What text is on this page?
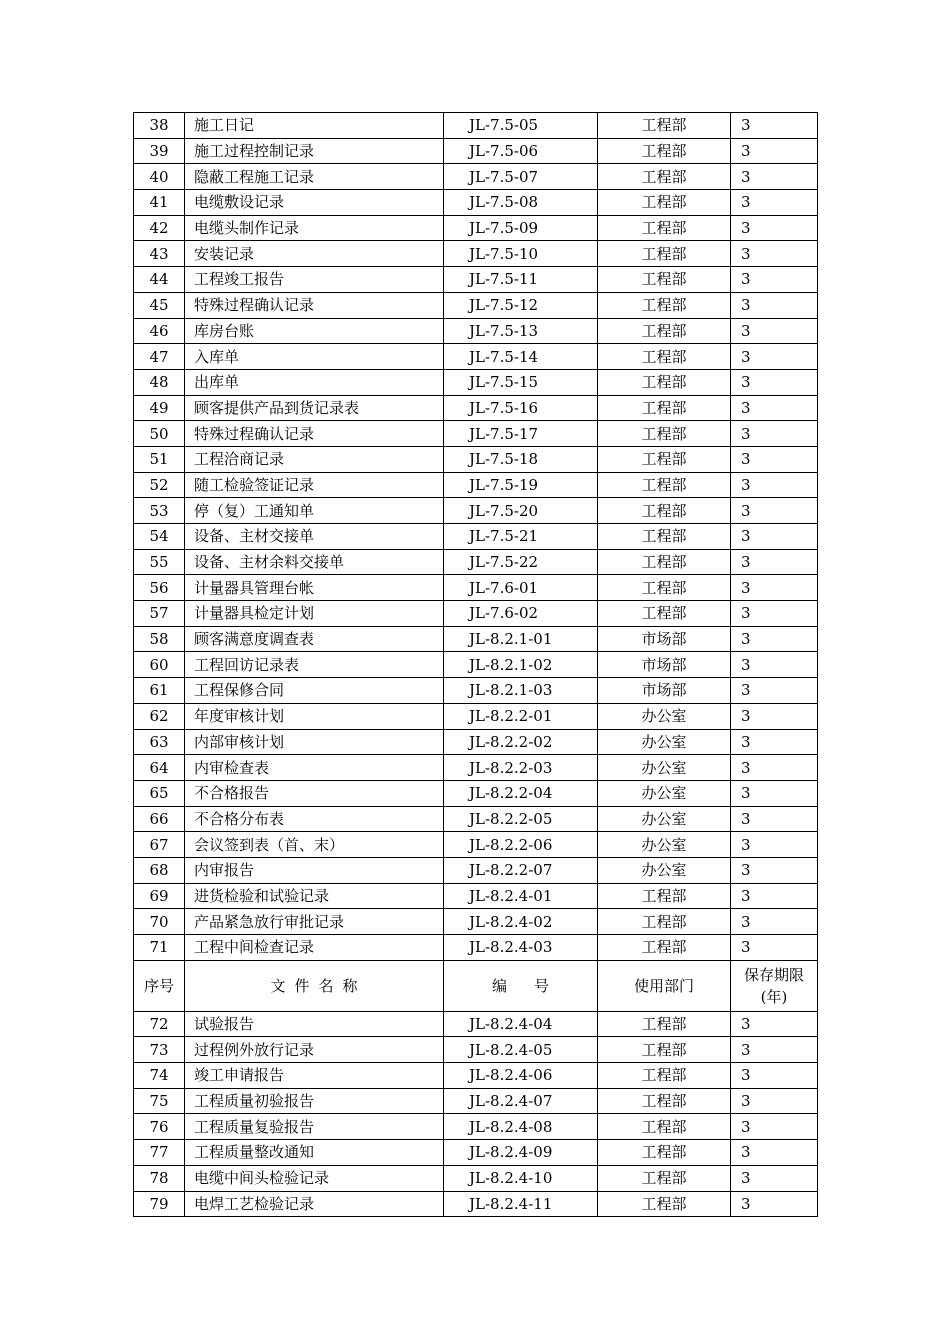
38	施工日记	JL-7.5-05	工程部	3
39	施工过程控制记录	JL-7.5-06	工程部	3
40	隐蔽工程施工记录	JL-7.5-07	工程部	3
41	电缆敷设记录	JL-7.5-08	工程部	3
42	电缆头制作记录	JL-7.5-09	工程部	3
43	安装记录	JL-7.5-10	工程部	3
44	工程竣工报告	JL-7.5-11	工程部	3
45	特殊过程确认记录	JL-7.5-12	工程部	3
46	库房台账	JL-7.5-13	工程部	3
47	入库单	JL-7.5-14	工程部	3
48	出库单	JL-7.5-15	工程部	3
49	顾客提供产品到货记录表	JL-7.5-16	工程部	3
50	特殊过程确认记录	JL-7.5-17	工程部	3
51	工程洽商记录	JL-7.5-18	工程部	3
52	随工检验签证记录	JL-7.5-19	工程部	3
53	停（复）工通知单	JL-7.5-20	工程部	3
54	设备、主材交接单	JL-7.5-21	工程部	3
55	设备、主材余料交接单	JL-7.5-22	工程部	3
56	计量器具管理台帐	JL-7.6-01	工程部	3
57	计量器具检定计划	JL-7.6-02	工程部	3
58	顾客满意度调查表	JL-8.2.1-01	市场部	3
60	工程回访记录表	JL-8.2.1-02	市场部	3
61	工程保修合同	JL-8.2.1-03	市场部	3
62	年度审核计划	JL-8.2.2-01	办公室	3
63	内部审核计划	JL-8.2.2-02	办公室	3
64	内审检查表	JL-8.2.2-03	办公室	3
65	不合格报告	JL-8.2.2-04	办公室	3
66	不合格分布表	JL-8.2.2-05	办公室	3
67	会议签到表（首、末）	JL-8.2.2-06	办公室	3
68	内审报告	JL-8.2.2-07	办公室	3
69	进货检验和试验记录	JL-8.2.4-01	工程部	3
70	产品紧急放行审批记录	JL-8.2.4-02	工程部	3
71	工程中间检查记录	JL-8.2.4-03	工程部	3
序号	文件名称	编号	使用部门	保存期限(年)
72	试验报告	JL-8.2.4-04	工程部	3
73	过程例外放行记录	JL-8.2.4-05	工程部	3
74	竣工申请报告	JL-8.2.4-06	工程部	3
75	工程质量初验报告	JL-8.2.4-07	工程部	3
76	工程质量复验报告	JL-8.2.4-08	工程部	3
77	工程质量整改通知	JL-8.2.4-09	工程部	3
78	电缆中间头检验记录	JL-8.2.4-10	工程部	3
79	电焊工艺检验记录	JL-8.2.4-11	工程部	3
